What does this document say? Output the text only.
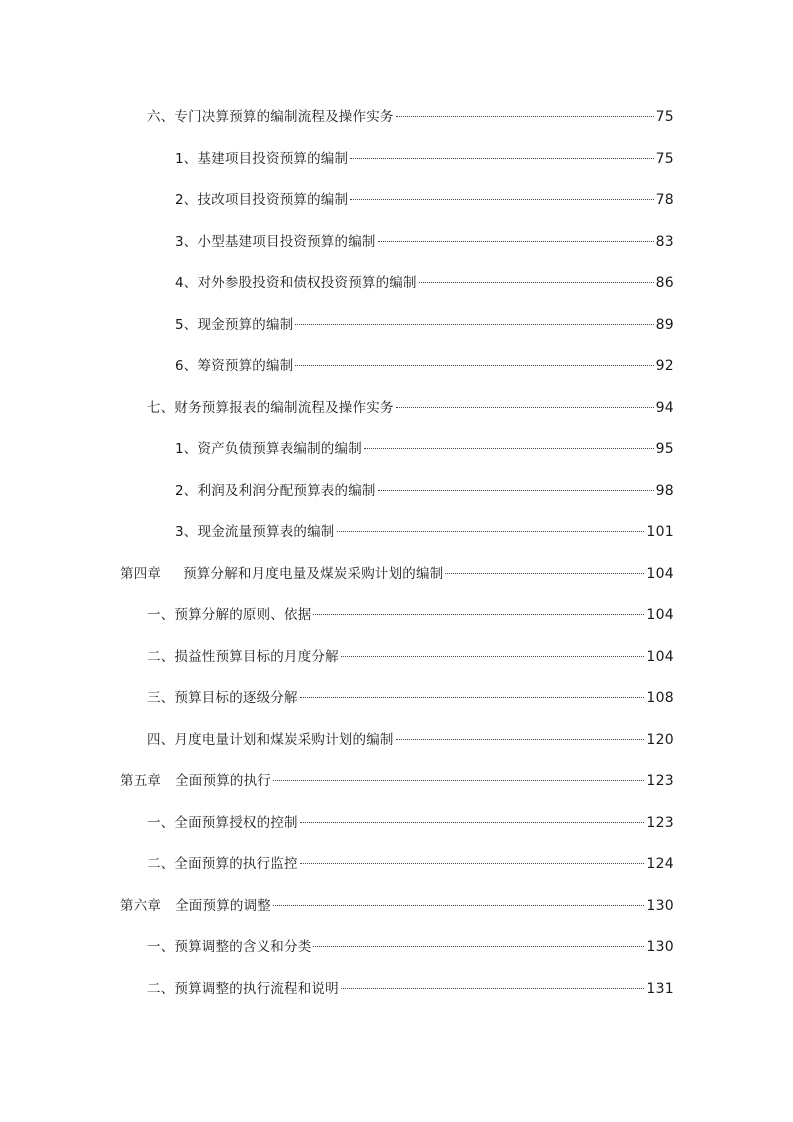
六、专门决算预算的编制流程及操作实务	75
1、基建项目投资预算的编制	75
2、技改项目投资预算的编制	78
3、小型基建项目投资预算的编制	83
4、对外参股投资和债权投资预算的编制	86
5、现金预算的编制	89
6、筹资预算的编制	92
七、财务预算报表的编制流程及操作实务	94
1、资产负债预算表编制的编制	95
2、利润及利润分配预算表的编制	98
3、现金流量预算表的编制	101
第四章 预算分解和月度电量及煤炭采购计划的编制	104
一、预算分解的原则、依据	104
二、损益性预算目标的月度分解	104
三、预算目标的逐级分解	108
四、月度电量计划和煤炭采购计划的编制	120
第五章 全面预算的执行	123
一、全面预算授权的控制	123
二、全面预算的执行监控	124
第六章 全面预算的调整	130
一、预算调整的含义和分类	130
二、预算调整的执行流程和说明	131
